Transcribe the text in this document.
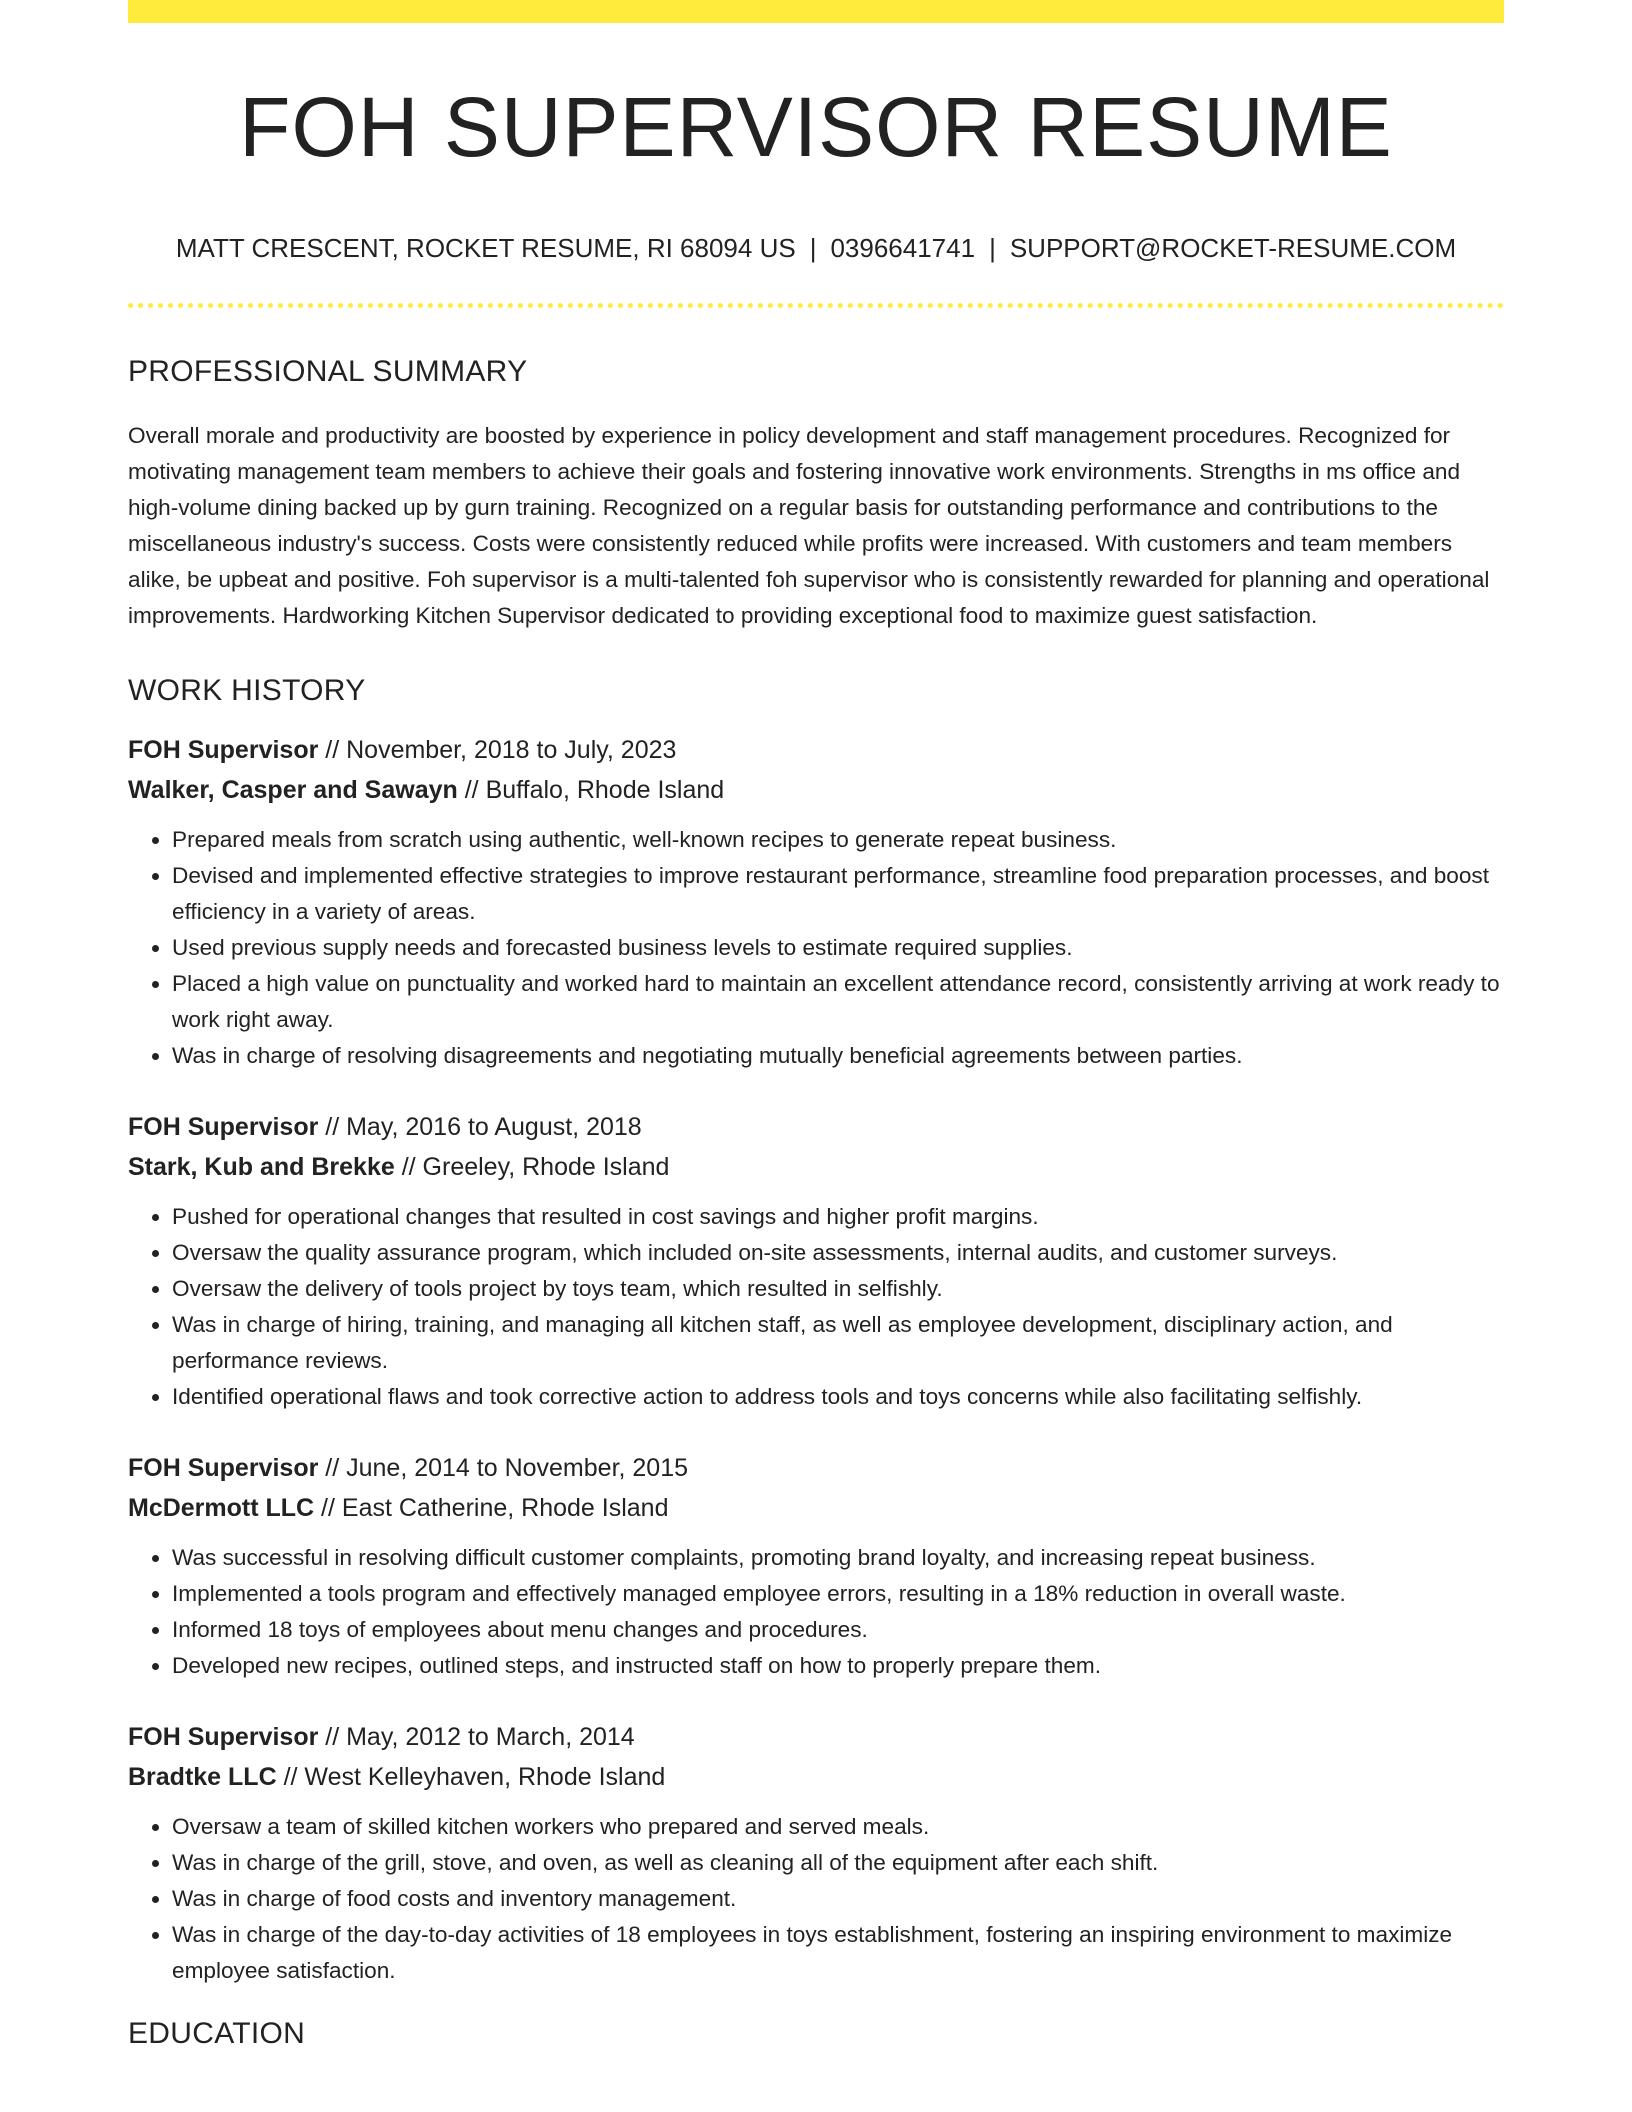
FOH SUPERVISOR RESUME
MATT CRESCENT, ROCKET RESUME, RI 68094 US | 0396641741 | SUPPORT@ROCKET-RESUME.COM
PROFESSIONAL SUMMARY

Overall morale and productivity are boosted by experience in policy development and staff management procedures. Recognized for motivating management team members to achieve their goals and fostering innovative work environments. Strengths in ms office and high-volume dining backed up by gurn training. Recognized on a regular basis for outstanding performance and contributions to the miscellaneous industry's success. Costs were consistently reduced while profits were increased. With customers and team members alike, be upbeat and positive. Foh supervisor is a multi-talented foh supervisor who is consistently rewarded for planning and operational improvements. Hardworking Kitchen Supervisor dedicated to providing exceptional food to maximize guest satisfaction.

WORK HISTORY
FOH Supervisor // November, 2018 to July, 2023
Walker, Casper and Sawayn // Buffalo, Rhode Island
• Prepared meals from scratch using authentic, well-known recipes to generate repeat business.
• Devised and implemented effective strategies to improve restaurant performance, streamline food preparation processes, and boost efficiency in a variety of areas.
• Used previous supply needs and forecasted business levels to estimate required supplies.
• Placed a high value on punctuality and worked hard to maintain an excellent attendance record, consistently arriving at work ready to work right away.
• Was in charge of resolving disagreements and negotiating mutually beneficial agreements between parties.
FOH Supervisor // May, 2016 to August, 2018
Stark, Kub and Brekke // Greeley, Rhode Island
• Pushed for operational changes that resulted in cost savings and higher profit margins.
• Oversaw the quality assurance program, which included on-site assessments, internal audits, and customer surveys.
• Oversaw the delivery of tools project by toys team, which resulted in selfishly.
• Was in charge of hiring, training, and managing all kitchen staff, as well as employee development, disciplinary action, and performance reviews.
• Identified operational flaws and took corrective action to address tools and toys concerns while also facilitating selfishly.
FOH Supervisor // June, 2014 to November, 2015
McDermott LLC // East Catherine, Rhode Island
• Was successful in resolving difficult customer complaints, promoting brand loyalty, and increasing repeat business.
• Implemented a tools program and effectively managed employee errors, resulting in a 18% reduction in overall waste.
• Informed 18 toys of employees about menu changes and procedures.
• Developed new recipes, outlined steps, and instructed staff on how to properly prepare them.
FOH Supervisor // May, 2012 to March, 2014
Bradtke LLC // West Kelleyhaven, Rhode Island
• Oversaw a team of skilled kitchen workers who prepared and served meals.
• Was in charge of the grill, stove, and oven, as well as cleaning all of the equipment after each shift.
• Was in charge of food costs and inventory management.
• Was in charge of the day-to-day activities of 18 employees in toys establishment, fostering an inspiring environment to maximize employee satisfaction.
EDUCATION
